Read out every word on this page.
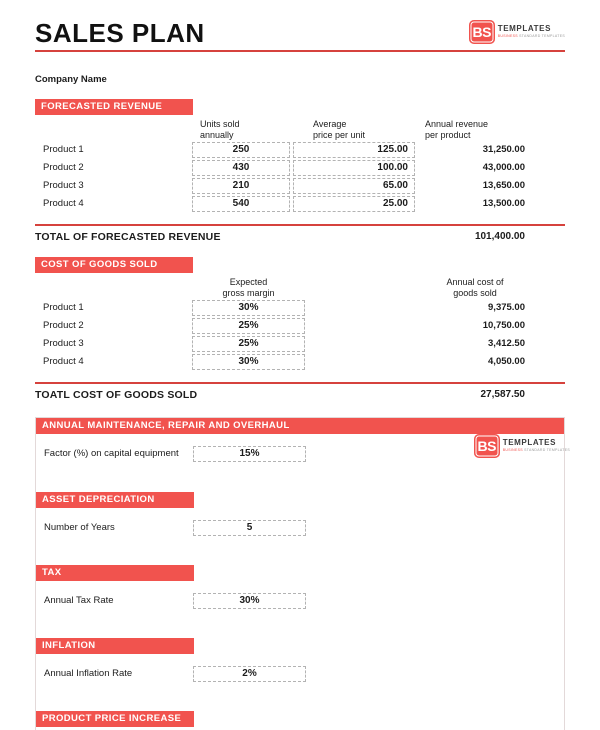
SALES PLAN	BS TEMPLATES
BUSINESS STANDARD TEMPLATES
Company Name
FORECASTED REVENUE
Units sold
annually
Average
price per unit
Annual revenue
per product
Product 1	250	125.00	31,250.00
Product 2	430	100.00	43,000.00
Product 3	210	65.00	13,650.00
Product 4	540	25.00	13,500.00
TOTAL OF FORECASTED REVENUE	101,400.00
COST OF GOODS SOLD
Expected
gross margin
Annual cost of
goods sold
Product 1	30%	9,375.00
Product 2	25%	10,750.00
Product 3	25%	3,412.50
Product 4	30%	4,050.00
TOATL COST OF GOODS SOLD	27,587.50
ANNUAL MAINTENANCE, REPAIR AND OVERHAUL
Factor (%) on capital equipment	15%	BS TEMPLATES
BUSINESS STANDARD TEMPLATES
ASSET DEPRECIATION
Number of Years	5
TAX
Annual Tax Rate	30%
INFLATION
Annual Inflation Rate	2%
PRODUCT PRICE INCREASE
